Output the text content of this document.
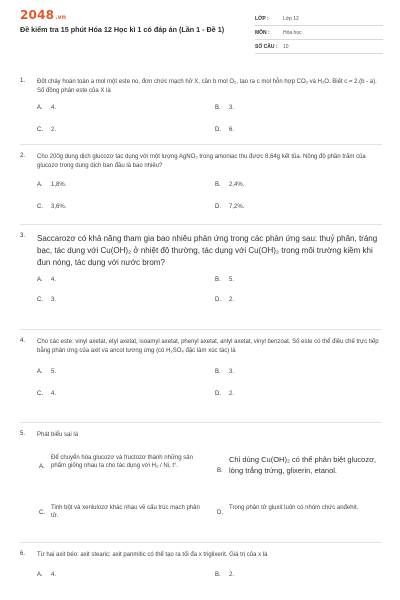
2048.vn
Đề kiểm tra 15 phút Hóa 12 Học kì 1 có đáp án (Lần 1 - Đề 1)
LỚP :	Lớp 12
MÔN :	Hóa học
SỐ CÂU : 10
1. Đốt cháy hoàn toàn a mol một este no, đơn chức mạch hở X, cần b mol O₂, tạo ra c mol hỗn hợp CO₂ và H₂O. Biết c = 2.(b - a). Số đồng phân este của X là
A. 4.	B. 3.
C. 2.	D. 6.
2. Cho 200g dung dịch glucozơ tác dụng với một lượng AgNO₃ trong amoniac thu được 8,64g kết tủa. Nồng độ phần trăm của glucozơ trong dung dịch ban đầu là bao nhiêu?
A. 1,8%.	B. 2,4%.
C. 3,6%.	D. 7,2%.
3. Saccarozơ có khả năng tham gia bao nhiêu phản ứng trong các phản ứng sau: thuỷ phân, tráng bạc, tác dụng với Cu(OH)₂ ở nhiệt độ thường, tác dụng với Cu(OH)₂ trong môi trường kiềm khi đun nóng, tác dụng với nước brom?
A. 4.	B. 5.
C. 3.	D. 2.
4. Cho các este: vinyl axetat, etyl axetat, isoamyl axetat, phenyl axetat, anlyl axetat, vinyl benzoat. Số este có thể điều chế trực tiếp bằng phản ứng của axit và ancol tương ứng (có H₂SO₄ đặc làm xúc tác) là
A. 5.	B. 3.
C. 4.	D. 2.
5. Phát biểu sai là
A.
Để chuyển hóa glucozơ và fructozơ thành những sản phẩm giống nhau ta cho tác dụng với H₂ / Ni, t°.
B.
Chỉ dùng Cu(OH)₂ có thể phân biệt glucozơ, lòng trắng trứng, glixerin, etanol.
C.
Tinh bột và xenlulozơ khác nhau về cấu trúc mạch phân tử.
D.
Trong phân tử gluxit luôn có nhóm chức anđehit.
6. Từ hai axit béo: axit stearic; axit panmitic có thể tạo ra tối đa x triglixerit. Giá trị của x là
A. 4.	B. 2.
